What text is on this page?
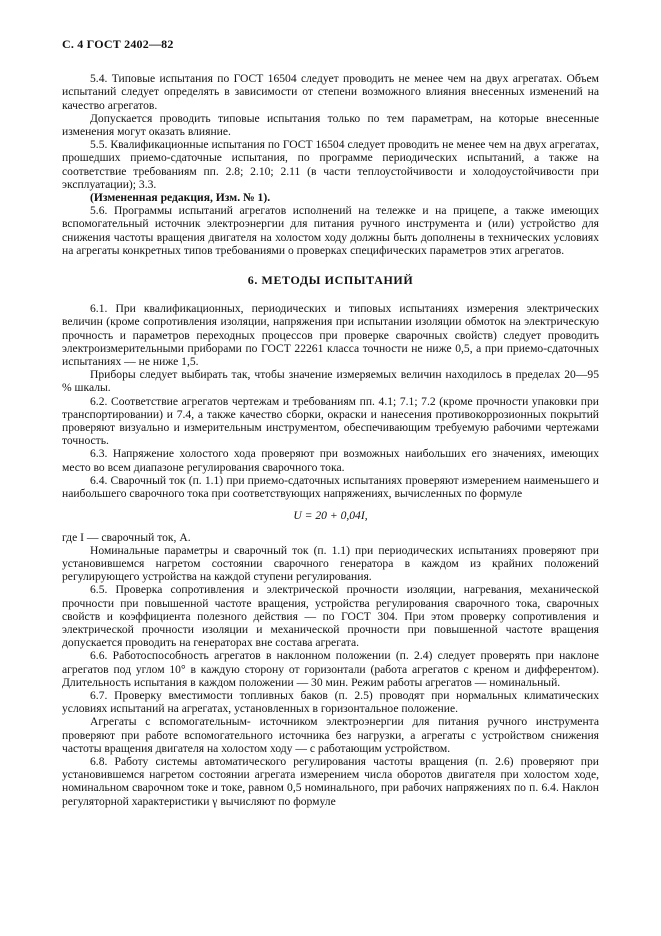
С. 4 ГОСТ 2402—82

5.4. Типовые испытания по ГОСТ 16504 следует проводить не менее чем на двух агрегатах. Объем испытаний следует определять в зависимости от степени возможного влияния внесенных изменений на качество агрегатов.

Допускается проводить типовые испытания только по тем параметрам, на которые внесенные изменения могут оказать влияние.

5.5. Квалификационные испытания по ГОСТ 16504 следует проводить не менее чем на двух агрегатах, прошедших приемо-сдаточные испытания, по программе периодических испытаний, а также на соответствие требованиям пп. 2.8; 2.10; 2.11 (в части теплоустойчивости и холодоустойчивости при эксплуатации); 3.3.

(Измененная редакция, Изм. № 1).

5.6. Программы испытаний агрегатов исполнений на тележке и на прицепе, а также имеющих вспомогательный источник электроэнергии для питания ручного инструмента и (или) устройство для снижения частоты вращения двигателя на холостом ходу должны быть дополнены в технических условиях на агрегаты конкретных типов требованиями о проверках специфических параметров этих агрегатов.

6. МЕТОДЫ ИСПЫТАНИЙ

6.1. При квалификационных, периодических и типовых испытаниях измерения электрических величин (кроме сопротивления изоляции, напряжения при испытании изоляции обмоток на электрическую прочность и параметров переходных процессов при проверке сварочных свойств) следует проводить электроизмерительными приборами по ГОСТ 22261 класса точности не ниже 0,5, а при приемо-сдаточных испытаниях — не ниже 1,5.

Приборы следует выбирать так, чтобы значение измеряемых величин находилось в пределах 20—95 % шкалы.

6.2. Соответствие агрегатов чертежам и требованиям пп. 4.1; 7.1; 7.2 (кроме прочности упаковки при транспортировании) и 7.4, а также качество сборки, окраски и нанесения противокоррозионных покрытий проверяют визуально и измерительным инструментом, обеспечивающим требуемую рабочими чертежами точность.

6.3. Напряжение холостого хода проверяют при возможных наибольших его значениях, имеющих место во всем диапазоне регулирования сварочного тока.

6.4. Сварочный ток (п. 1.1) при приемо-сдаточных испытаниях проверяют измерением наименьшего и наибольшего сварочного тока при соответствующих напряжениях, вычисленных по формуле

U = 20 + 0,04I,

где I — сварочный ток, А.

Номинальные параметры и сварочный ток (п. 1.1) при периодических испытаниях проверяют при установившемся нагретом состоянии сварочного генератора в каждом из крайних положений регулирующего устройства на каждой ступени регулирования.

6.5. Проверка сопротивления и электрической прочности изоляции, нагревания, механической прочности при повышенной частоте вращения, устройства регулирования сварочного тока, сварочных свойств и коэффициента полезного действия — по ГОСТ 304. При этом проверку сопротивления и электрической прочности изоляции и механической прочности при повышенной частоте вращения допускается проводить на генераторах вне состава агрегата.

6.6. Работоспособность агрегатов в наклонном положении (п. 2.4) следует проверять при наклоне агрегатов под углом 10° в каждую сторону от горизонтали (работа агрегатов с креном и дифферентом). Длительность испытания в каждом положении — 30 мин. Режим работы агрегатов — номинальный.

6.7. Проверку вместимости топливных баков (п. 2.5) проводят при нормальных климатических условиях испытаний на агрегатах, установленных в горизонтальное положение.

Агрегаты с вспомогательным- источником электроэнергии для питания ручного инструмента проверяют при работе вспомогательного источника без нагрузки, а агрегаты с устройством снижения частоты вращения двигателя на холостом ходу — с работающим устройством.

6.8. Работу системы автоматического регулирования частоты вращения (п. 2.6) проверяют при установившемся нагретом состоянии агрегата измерением числа оборотов двигателя при холостом ходе, номинальном сварочном токе и токе, равном 0,5 номинального, при рабочих напряжениях по п. 6.4. Наклон регуляторной характеристики γ вычисляют по формуле
